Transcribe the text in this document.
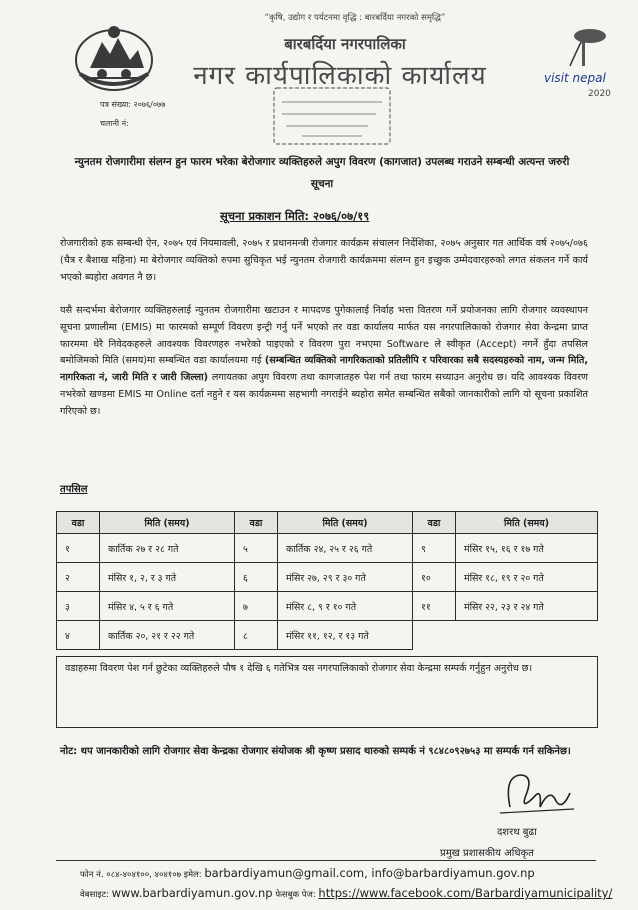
“कृषि, उद्योग र पर्यटनमा वृद्धि : बारबर्दिया नगरको समृद्धि”
बारबर्दिया नगरपालिका
नगर कार्यपालिकाको कार्यालय	visit nepal
2020
पत्र संख्या: २०७६/०७७
चलानी नं:
न्युनतम रोजगारीमा संलग्न हुन फारम भरेका बेरोजगार व्यक्तिहरुले अपुग विवरण (कागजात) उपलब्ध गराउने सम्बन्धी अत्यन्त जरुरी सूचना
सूचना प्रकाशन मिति: २०७६/०७/१९

रोजगारीको हक सम्बन्धी ऐन, २०७५ एवं नियमावली, २०७५ र प्रधानमन्त्री रोजगार कार्यक्रम संचालन निर्देशिका, २०७५ अनुसार गत आर्थिक वर्ष २०७५/०७६ (चैत्र र बैशाख महिना) मा बेरोजगार व्यक्तिको रुपमा सुचिकृत भई न्युनतम रोजगारी कार्यक्रममा संलग्न हुन इच्छुक उम्मेदवारहरुको लगत संकलन गर्ने कार्य भएको ब्यहोरा अवगत नै छ।

यसै सन्दर्भमा बेरोजगार व्यक्तिहरुलाई न्युनतम रोजगारीमा खटाउन र मापदण्ड पुगेकालाई निर्वाह भत्ता वितरण गर्ने प्रयोजनका लागि रोजगार व्यवस्थापन सूचना प्रणालीमा (EMIS) मा फारमको सम्पूर्ण विवरण इन्ट्री गर्नु पर्ने भएको तर वडा कार्यालय मार्फत यस नगरपालिकाको रोजगार सेवा केन्द्रमा प्राप्त फारममा धेरै निवेदकहरुले आवश्यक विवरणहरु नभरेको पाइएको र विवरण पुरा नभएमा Software ले स्वीकृत (Accept) नगर्ने हुँदा तपसिल बमोजिमको मिति (समय)मा सम्बन्धित वडा कार्यालयमा गई (सम्बन्धित व्यक्तिको नागरिकताको प्रतिलीपि र परिवारका सबै सदस्यहरुको नाम, जन्म मिति, नागरिकता नं, जारी मिति र जारी जिल्ला) लगायतका अपुग विवरण तथा कागजातहरु पेश गर्न तथा फारम सच्याउन अनुरोध छ। यदि आवश्यक विवरण नभरेको खण्डमा EMIS मा Online दर्ता नहुने र यस कार्यक्रममा सहभागी नगराईने ब्यहोरा समेत सम्बन्धित सबैको जानकारीको लागि यो सूचना प्रकाशित गरिएको छ।

तपसिल
वडा	मिति (समय)	वडा	मिति (समय)	वडा	मिति (समय)
१	कार्तिक २७ र २८ गते	५	कार्तिक २४, २५ र २६ गते	९	मंसिर १५, १६ र १७ गते
२	मंसिर १, २, र ३ गते	६	मंसिर २७, २९ र ३० गते	१०	मंसिर १८, १९ र २० गते
३	मंसिर ४, ५ र ६ गते	७	मंसिर ८, ९ र १० गते	११	मंसिर २२, २३ र २४ गते
४	कार्तिक २०, २१ र २२ गते	८	मंसिर ११, १२, र १३ गते		
वडाहरुमा विवरण पेश गर्न छुटेका व्यक्तिहरुले पौष १ देखि ६ गतेभित्र यस नगरपालिकाको रोजगार सेवा केन्द्रमा सम्पर्क गर्नुहुन अनुरोध छ।
नोट: थप जानकारीको लागि रोजगार सेवा केन्द्रका रोजगार संयोजक श्री कृष्ण प्रसाद थारुको सम्पर्क नं ९८४८०९२७५३ मा सम्पर्क गर्न सकिनेछ।
दशरथ बुढा
प्रमुख प्रशासकीय अधिकृत
फोन नं. ०८४-४०४१००, ४०४१०७ इमेल: barbardiyamun@gmail.com, info@barbardiyamun.gov.np
वेबसाइट: www.barbardiyamun.gov.np फेसबुक पेज: https://www.facebook.com/Barbardiyamunicipality/
